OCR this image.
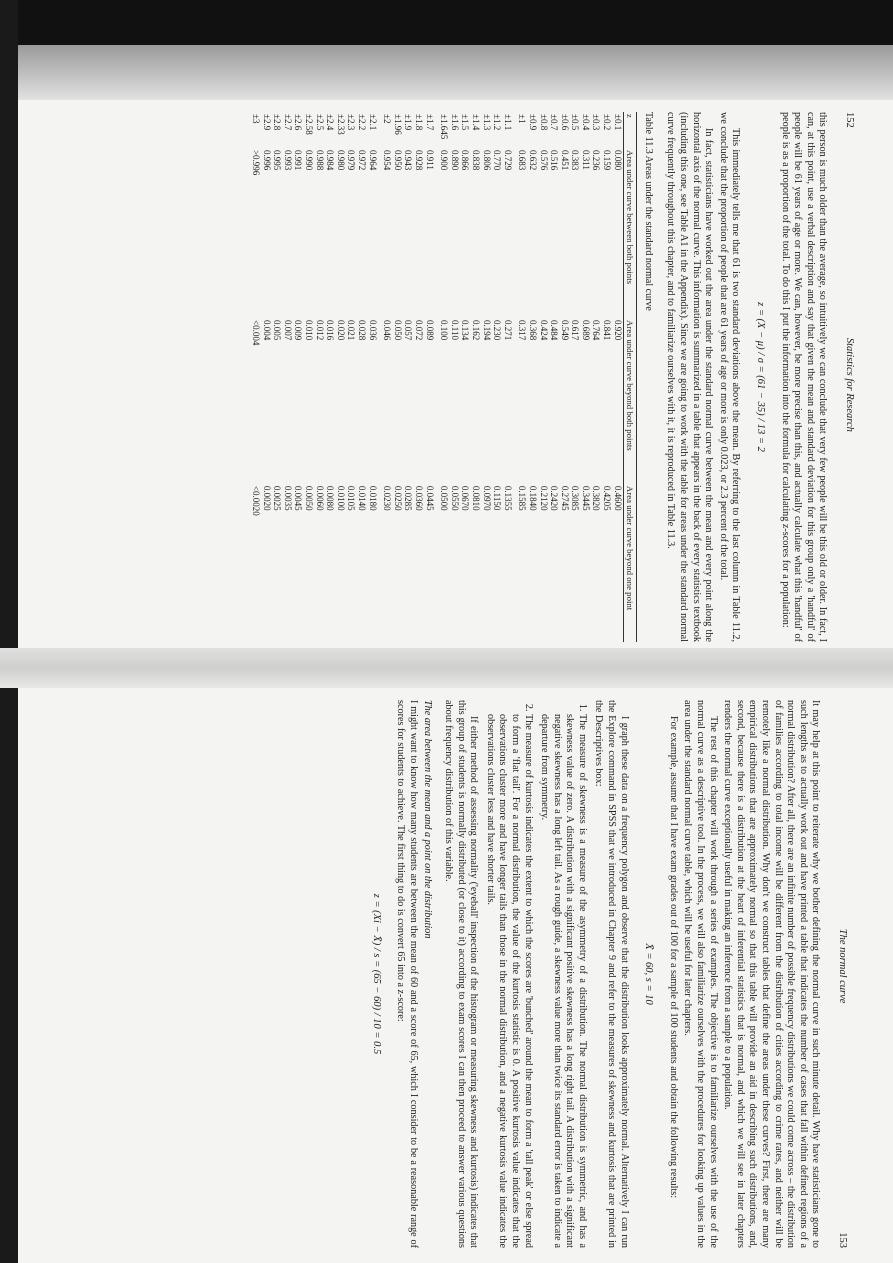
152
Statistics for Research

this person is much older than the average, so intuitively we can conclude that very few people will be this old or older. In fact, I can, at this point, use a verbal description and say that given the mean and standard deviation for this group only a 'handful' of people will be 61 years of age or more. We can, however, be more precise than this, and actually calculate what this 'handful' of people is as a proportion of the total. To do this I put the information into the formula for calculating z-scores for a population:

z = (X − μ) / σ = (61 − 35) / 13 = 2

This immediately tells me that 61 is two standard deviations above the mean. By referring to the last column in Table 11.2, we conclude that the proportion of people that are 61 years of age or more is only 0.023, or 2.3 percent of the total.

In fact, statisticians have worked out the area under the standard normal curve between the mean and every point along the horizontal axis of the normal curve. This information is summarized in a table that appears in the back of every statistics textbook (including this one, see Table A1 in the Appendix). Since we are going to work with the table for areas under the standard normal curve frequently throughout this chapter, and to familiarize ourselves with it, it is reproduced in Table 11.3.

Table 11.3 Areas under the standard normal curve
z	Area under curve between both points	Area under curve beyond both points	Area under curve beyond one point
±0.1	0.080	0.920	0.4600
±0.2	0.159	0.841	0.4205
±0.3	0.236	0.764	0.3820
±0.4	0.311	0.689	0.3445
±0.5	0.383	0.617	0.3085
±0.6	0.451	0.549	0.2745
±0.7	0.516	0.484	0.2420
±0.8	0.576	0.424	0.2120
±0.9	0.632	0.368	0.1840
±1	0.683	0.317	0.1585
±1.1	0.729	0.271	0.1355
±1.2	0.770	0.230	0.1150
±1.3	0.806	0.194	0.0970
±1.4	0.838	0.162	0.0810
±1.5	0.866	0.134	0.0670
±1.6	0.890	0.110	0.0550
±1.645	0.900	0.100	0.0500
±1.7	0.911	0.089	0.0445
±1.8	0.928	0.072	0.0360
±1.9	0.943	0.057	0.0285
±1.96	0.950	0.050	0.0250
±2	0.954	0.046	0.0230
±2.1	0.964	0.036	0.0180
±2.2	0.972	0.028	0.0140
±2.3	0.979	0.021	0.0105
±2.33	0.980	0.020	0.0100
±2.4	0.984	0.016	0.0080
±2.5	0.988	0.012	0.0060
±2.58	0.990	0.010	0.0050
±2.6	0.991	0.009	0.0045
±2.7	0.993	0.007	0.0035
±2.8	0.995	0.005	0.0025
±2.9	0.996	0.004	0.0020
±3	>0.996	<0.004	<0.0020
The normal curve
153

It may help at this point to reiterate why we bother defining the normal curve in such minute detail. Why have statisticians gone to such lengths as to actually work out and have printed a table that indicates the number of cases that fall within defined regions of a normal distribution? After all, there are an infinite number of possible frequency distributions we could come across – the distribution of families according to total income will be different from the distribution of cities according to crime rates, and neither will be remotely like a normal distribution. Why don't we construct tables that define the areas under these curves? First, there are many empirical distributions that are approximately normal so that this table will provide an aid in describing such distributions, and, second, because there is a distribution at the heart of inferential statistics that is normal, and which we will see in later chapters renders the normal curve exceptionally useful in making an inference from a sample to a population.

The rest of this chapter will work through a series of examples. The objective is to familiarize ourselves with the use of the normal curve as a descriptive tool. In the process, we will also familiarize ourselves with the procedures for looking up values in the area under the standard normal curve table, which will be useful for later chapters.

For example, assume that I have exam grades out of 100 for a sample of 100 students and obtain the following results:

X̄ = 60, s = 10

I graph these data on a frequency polygon and observe that the distribution looks approximately normal. Alternatively I can run the Explore command in SPSS that we introduced in Chapter 9 and refer to the measures of skewness and kurtosis that are printed in the Descriptives box:

1. The measure of skewness is a measure of the asymmetry of a distribution. The normal distribution is symmetric, and has a skewness value of zero. A distribution with a significant positive skewness has a long right tail. A distribution with a significant negative skewness has a long left tail. As a rough guide, a skewness value more than twice its standard error is taken to indicate a departure from symmetry.
2. The measure of kurtosis indicates the extent to which the scores are 'bunched' around the mean to form a 'tall peak' or else spread to form a 'flat tail'. For a normal distribution, the value of the kurtosis statistic is 0. A positive kurtosis value indicates that the observations cluster more and have longer tails than those in the normal distribution, and a negative kurtosis value indicates the observations cluster less and have shorter tails.

If either method of assessing normality ('eyeball' inspection of the histogram or measuring skewness and kurtosis) indicates that this group of students is normally distributed (or close to it) according to exam scores I can then proceed to answer various questions about frequency distribution of this variable.

The area between the mean and a point on the distribution

I might want to know how many students are between the mean of 60 and a score of 65, which I consider to be a reasonable range of scores for students to achieve. The first thing to do is convert 65 into a z-score:

z = (Xi − X̄) / s = (65 − 60) / 10 = 0.5
